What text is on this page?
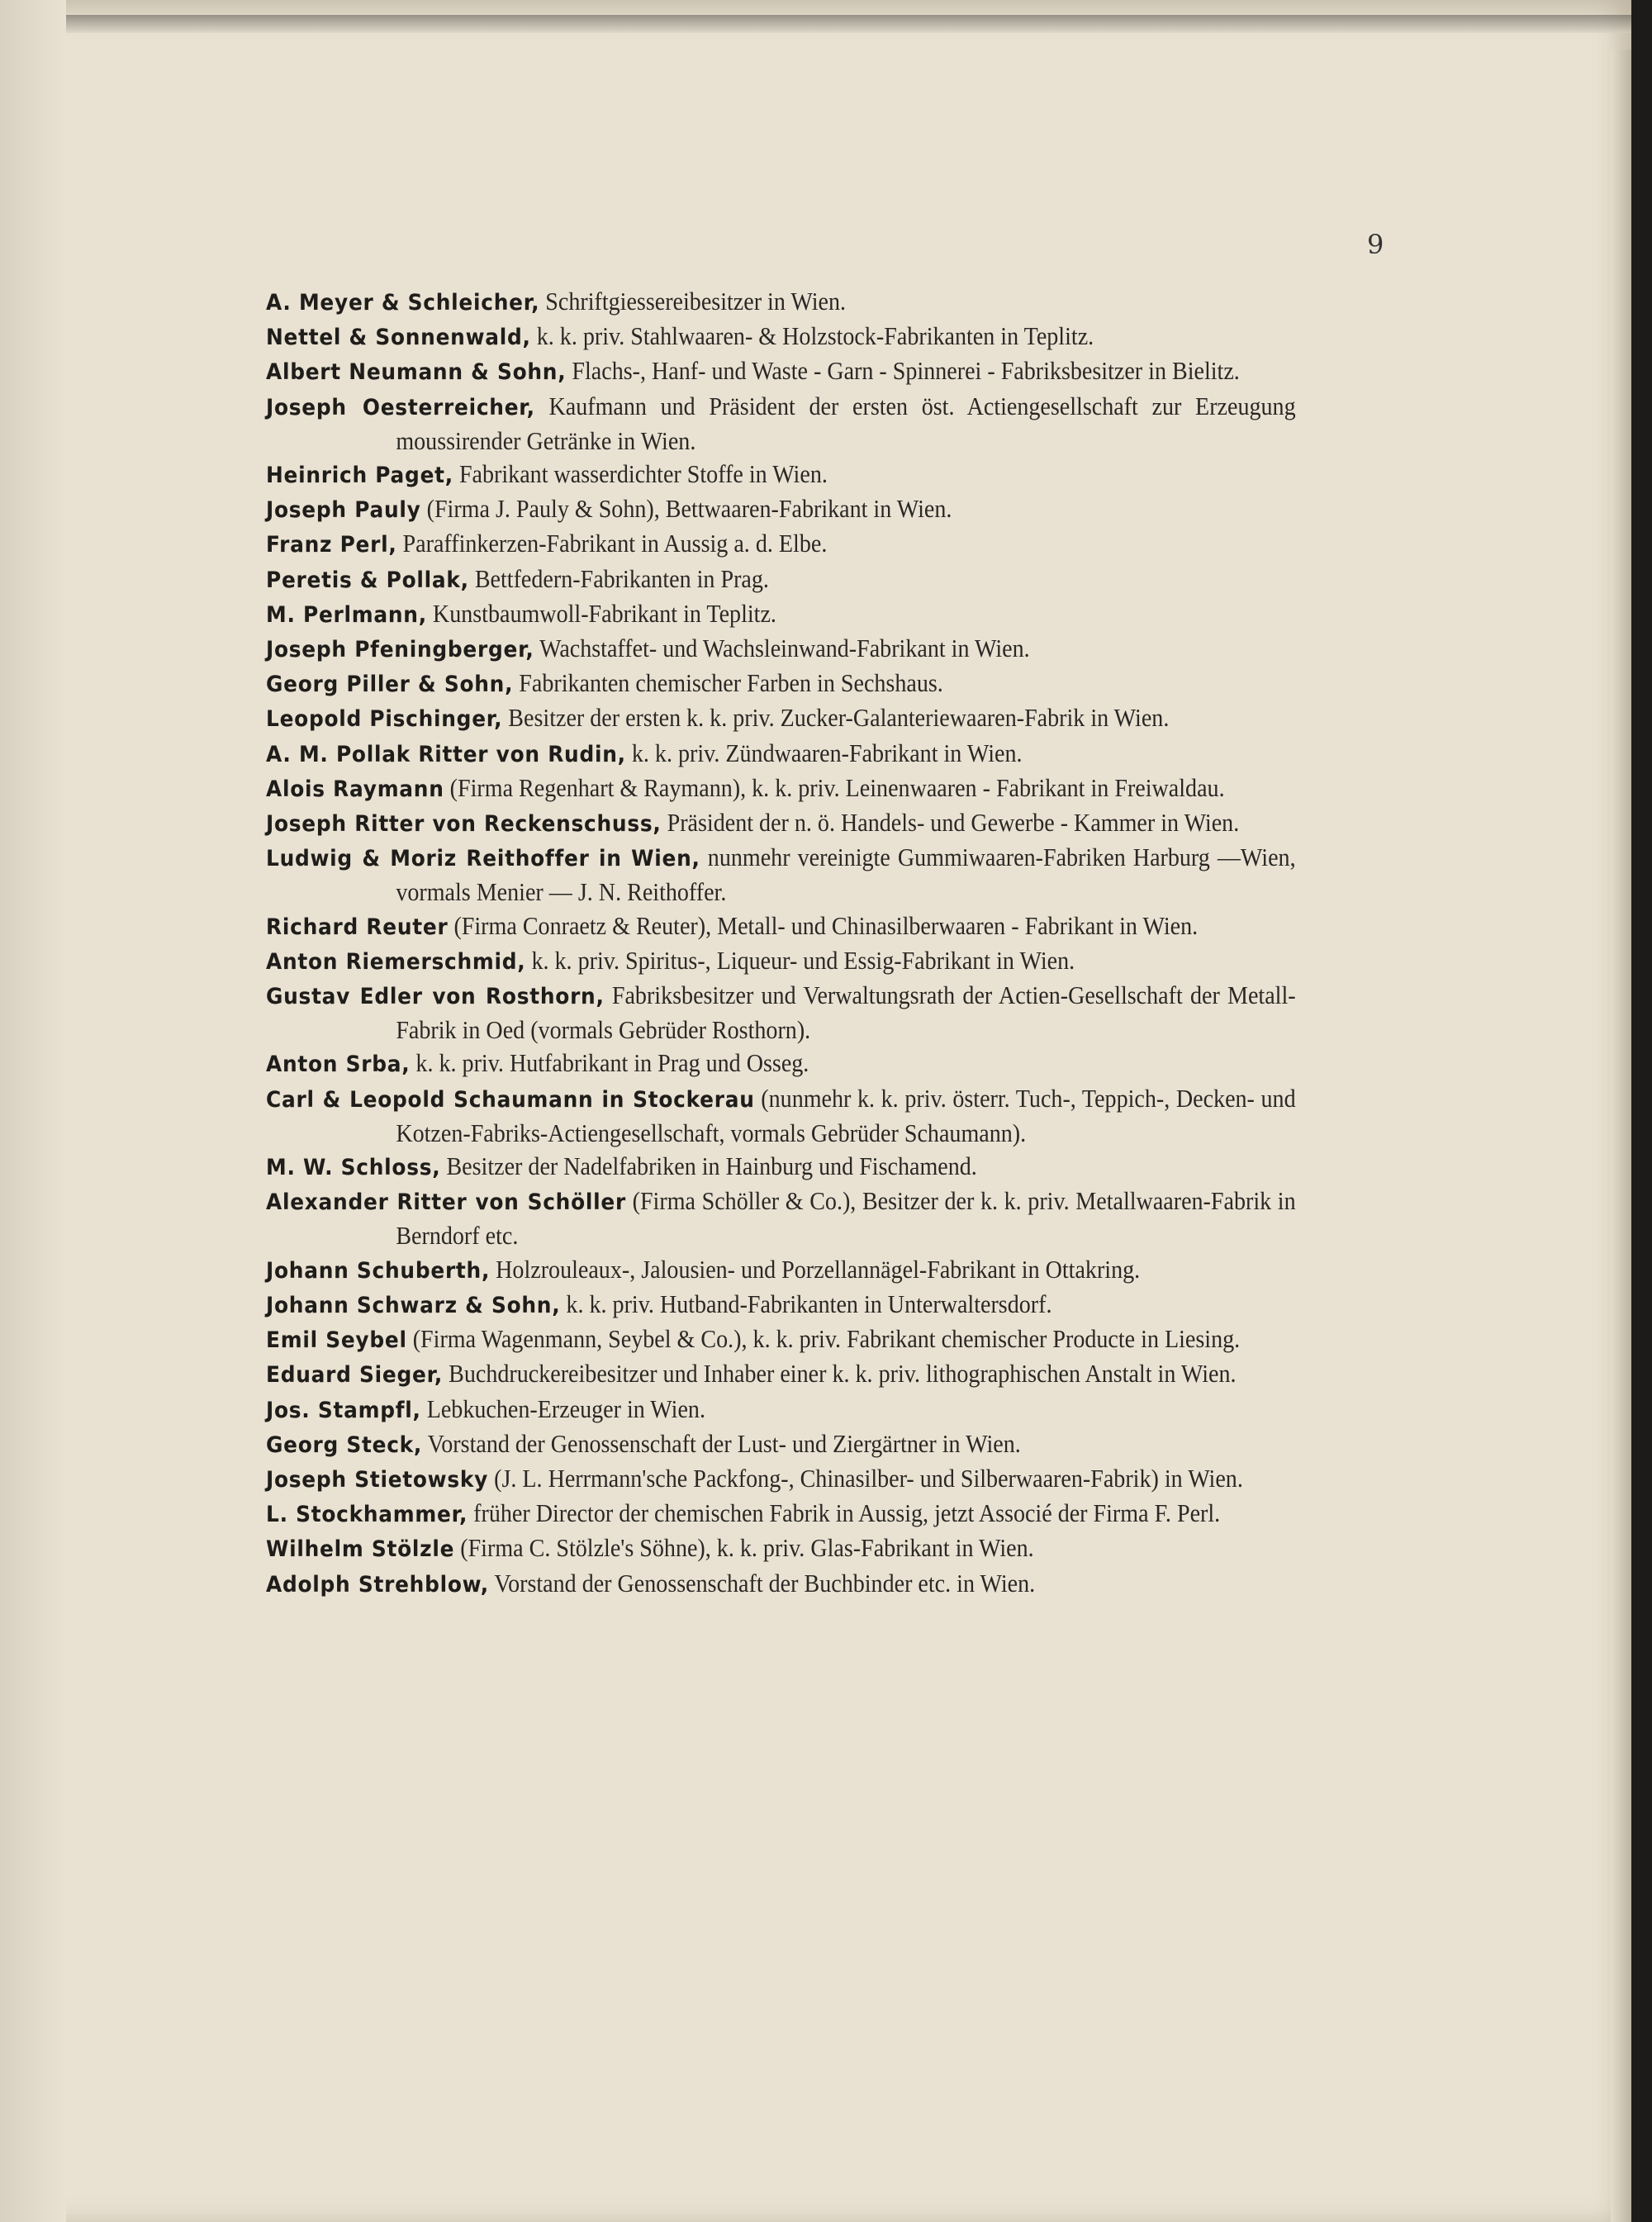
9

A. Meyer & Schleicher, Schriftgiessereibesitzer in Wien.

Nettel & Sonnenwald, k. k. priv. Stahlwaaren- & Holzstock-Fabrikanten in Teplitz.

Albert Neumann & Sohn, Flachs-, Hanf- und Waste - Garn - Spinnerei - Fabriksbesitzer in Bielitz.

Joseph Oesterreicher, Kaufmann und Präsident der ersten öst. Actiengesellschaft zur Erzeugung moussirender Getränke in Wien.

Heinrich Paget, Fabrikant wasserdichter Stoffe in Wien.

Joseph Pauly (Firma J. Pauly & Sohn), Bettwaaren-Fabrikant in Wien.

Franz Perl, Paraffinkerzen-Fabrikant in Aussig a. d. Elbe.

Peretis & Pollak, Bettfedern-Fabrikanten in Prag.

M. Perlmann, Kunstbaumwoll-Fabrikant in Teplitz.

Joseph Pfeningberger, Wachstaffet- und Wachsleinwand-Fabrikant in Wien.

Georg Piller & Sohn, Fabrikanten chemischer Farben in Sechshaus.

Leopold Pischinger, Besitzer der ersten k. k. priv. Zucker-Galanteriewaaren-Fabrik in Wien.

A. M. Pollak Ritter von Rudin, k. k. priv. Zündwaaren-Fabrikant in Wien.

Alois Raymann (Firma Regenhart & Raymann), k. k. priv. Leinenwaaren - Fabrikant in Freiwaldau.

Joseph Ritter von Reckenschuss, Präsident der n. ö. Handels- und Gewerbe - Kammer in Wien.

Ludwig & Moriz Reithoffer in Wien, nunmehr vereinigte Gummiwaaren-Fabriken Harburg —Wien, vormals Menier — J. N. Reithoffer.

Richard Reuter (Firma Conraetz & Reuter), Metall- und Chinasilberwaaren - Fabrikant in Wien.

Anton Riemerschmid, k. k. priv. Spiritus-, Liqueur- und Essig-Fabrikant in Wien.

Gustav Edler von Rosthorn, Fabriksbesitzer und Verwaltungsrath der Actien-Gesellschaft der Metall-Fabrik in Oed (vormals Gebrüder Rosthorn).

Anton Srba, k. k. priv. Hutfabrikant in Prag und Osseg.

Carl & Leopold Schaumann in Stockerau (nunmehr k. k. priv. österr. Tuch-, Teppich-, Decken- und Kotzen-Fabriks-Actiengesellschaft, vormals Gebrüder Schaumann).

M. W. Schloss, Besitzer der Nadelfabriken in Hainburg und Fischamend.

Alexander Ritter von Schöller (Firma Schöller & Co.), Besitzer der k. k. priv. Metallwaaren-Fabrik in Berndorf etc.

Johann Schuberth, Holzrouleaux-, Jalousien- und Porzellannägel-Fabrikant in Ottakring.

Johann Schwarz & Sohn, k. k. priv. Hutband-Fabrikanten in Unterwaltersdorf.

Emil Seybel (Firma Wagenmann, Seybel & Co.), k. k. priv. Fabrikant chemischer Producte in Liesing.

Eduard Sieger, Buchdruckereibesitzer und Inhaber einer k. k. priv. lithographischen Anstalt in Wien.

Jos. Stampfl, Lebkuchen-Erzeuger in Wien.

Georg Steck, Vorstand der Genossenschaft der Lust- und Ziergärtner in Wien.

Joseph Stietowsky (J. L. Herrmann'sche Packfong-, Chinasilber- und Silberwaaren-Fabrik) in Wien.

L. Stockhammer, früher Director der chemischen Fabrik in Aussig, jetzt Associé der Firma F. Perl.

Wilhelm Stölzle (Firma C. Stölzle's Söhne), k. k. priv. Glas-Fabrikant in Wien.

Adolph Strehblow, Vorstand der Genossenschaft der Buchbinder etc. in Wien.
